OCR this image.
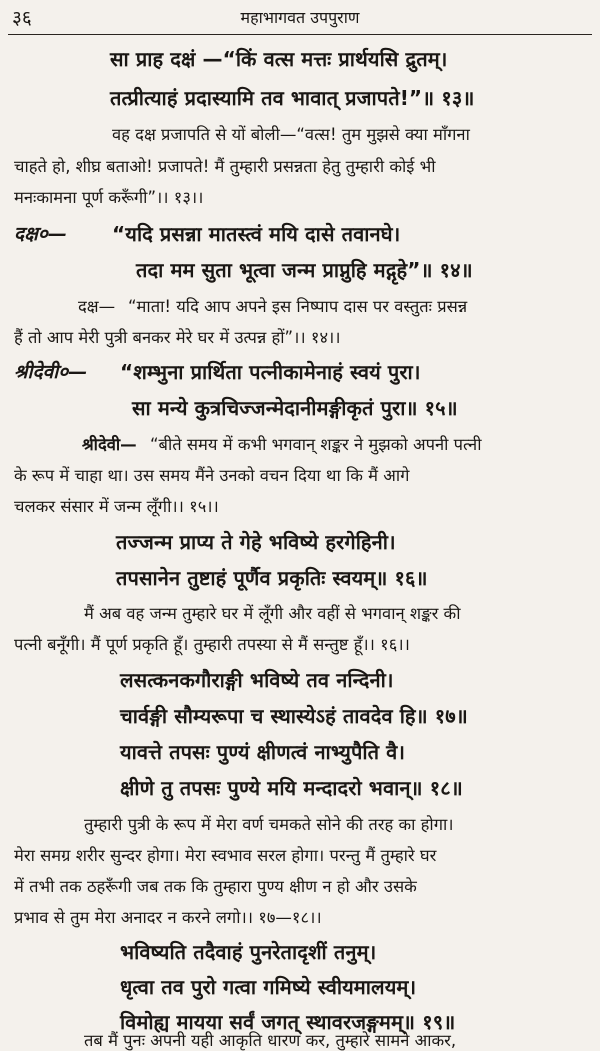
३६	महाभागवत उपपुराण
सा प्राह दक्षं —“किं वत्स मत्तः प्रार्थयसि द्रुतम्।
तत्प्रीत्याहं प्रदास्यामि तव भावात् प्रजापते!”॥ १३॥
वह दक्ष प्रजापति से यों बोली—“वत्स! तुम मुझसे क्या माँगना
चाहते हो, शीघ्र बताओ! प्रजापते! मैं तुम्हारी प्रसन्नता हेतु तुम्हारी कोई भी
मनःकामना पूर्ण करूँगी”।। १३।।
दक्ष०— “यदि प्रसन्ना मातस्त्वं मयि दासे तवानघे।
तदा मम सुता भूत्वा जन्म प्राप्नुहि मद्गृहे”॥ १४॥
दक्ष— “माता! यदि आप अपने इस निष्पाप दास पर वस्तुतः प्रसन्न
हैं तो आप मेरी पुत्री बनकर मेरे घर में उत्पन्न हों”।। १४।।
श्रीदेवी०— “शम्भुना प्रार्थिता पत्नीकामेनाहं स्वयं पुरा।
सा मन्ये कुत्रचिज्जन्मेदानीमङ्गीकृतं पुरा॥ १५॥
श्रीदेवी— “बीते समय में कभी भगवान् शङ्कर ने मुझको अपनी पत्नी
के रूप में चाहा था। उस समय मैंने उनको वचन दिया था कि मैं आगे
चलकर संसार में जन्म लूँगी।। १५।।
तज्जन्म प्राप्य ते गेहे भविष्ये हरगेहिनी।
तपसानेन तुष्टाहं पूर्णैव प्रकृतिः स्वयम्॥ १६॥
मैं अब वह जन्म तुम्हारे घर में लूँगी और वहीं से भगवान् शङ्कर की
पत्नी बनूँगी। मैं पूर्ण प्रकृति हूँ। तुम्हारी तपस्या से मैं सन्तुष्ट हूँ।। १६।।
लसत्कनकगौराङ्गी भविष्ये तव नन्दिनी।
चार्वङ्गी सौम्यरूपा च स्थास्येऽहं तावदेव हि॥ १७॥
यावत्ते तपसः पुण्यं क्षीणत्वं नाभ्युपैति वै।
क्षीणे तु तपसः पुण्ये मयि मन्दादरो भवान्॥ १८॥
तुम्हारी पुत्री के रूप में मेरा वर्ण चमकते सोने की तरह का होगा।
मेरा समग्र शरीर सुन्दर होगा। मेरा स्वभाव सरल होगा। परन्तु मैं तुम्हारे घर
में तभी तक ठहरूँगी जब तक कि तुम्हारा पुण्य क्षीण न हो और उसके
प्रभाव से तुम मेरा अनादर न करने लगो।। १७—१८।।
भविष्यति तदैवाहं पुनरेतादृशीं तनुम्।
धृत्वा तव पुरो गत्वा गमिष्ये स्वीयमालयम्।
विमोह्य मायया सर्वं जगत् स्थावरजङ्गमम्॥ १९॥
तब मैं पुनः अपनी यही आकृति धारण कर, तुम्हारे सामने आकर,
